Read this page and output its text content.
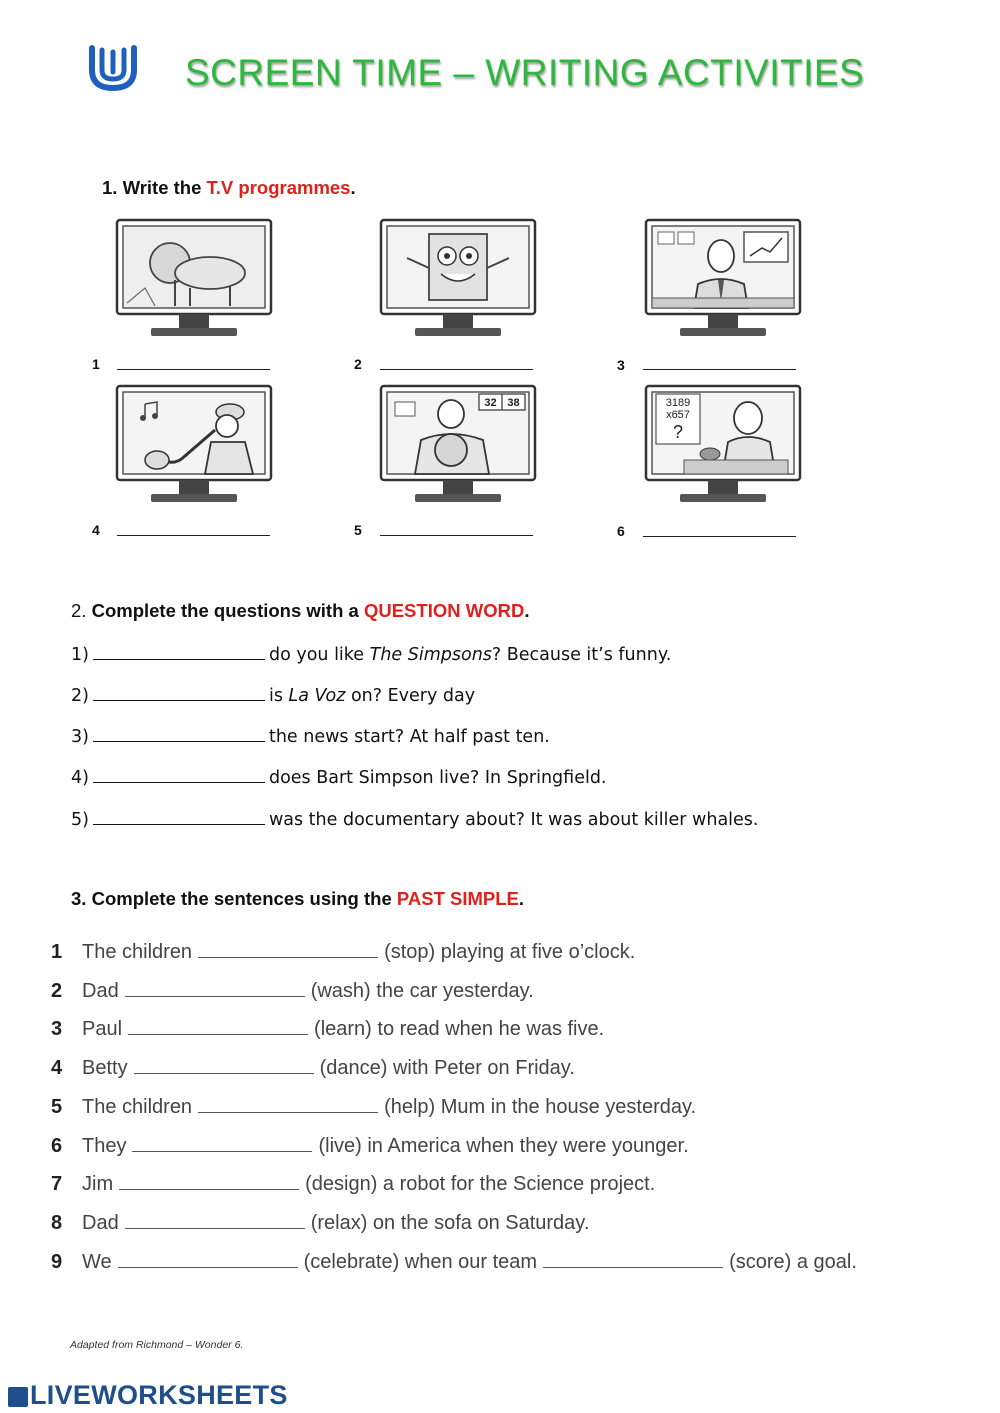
SCREEN TIME – WRITING ACTIVITIES
1. Write the T.V programmes.
32 38	3189
x657
?
1	2	3
4	5	6
2. Complete the questions with a QUESTION WORD.
1)	do you like The Simpsons? Because it’s funny.
2)	is La Voz on? Every day
3)	the news start? At half past ten.
4)	does Bart Simpson live? In Springfield.
5)	was the documentary about? It was about killer whales.
3. Complete the sentences using the PAST SIMPLE.
1 The children	(stop) playing at five o’clock.
2 Dad	(wash) the car yesterday.
3 Paul	(learn) to read when he was five.
4 Betty	(dance) with Peter on Friday.
5 The children	(help) Mum in the house yesterday.
6 They	(live) in America when they were younger.
7 Jim	(design) a robot for the Science project.
8 Dad	(relax) on the sofa on Saturday.
9 We	(celebrate) when our team	(score) a goal.
Adapted from Richmond – Wonder 6.
LIVEWORKSHEETS
